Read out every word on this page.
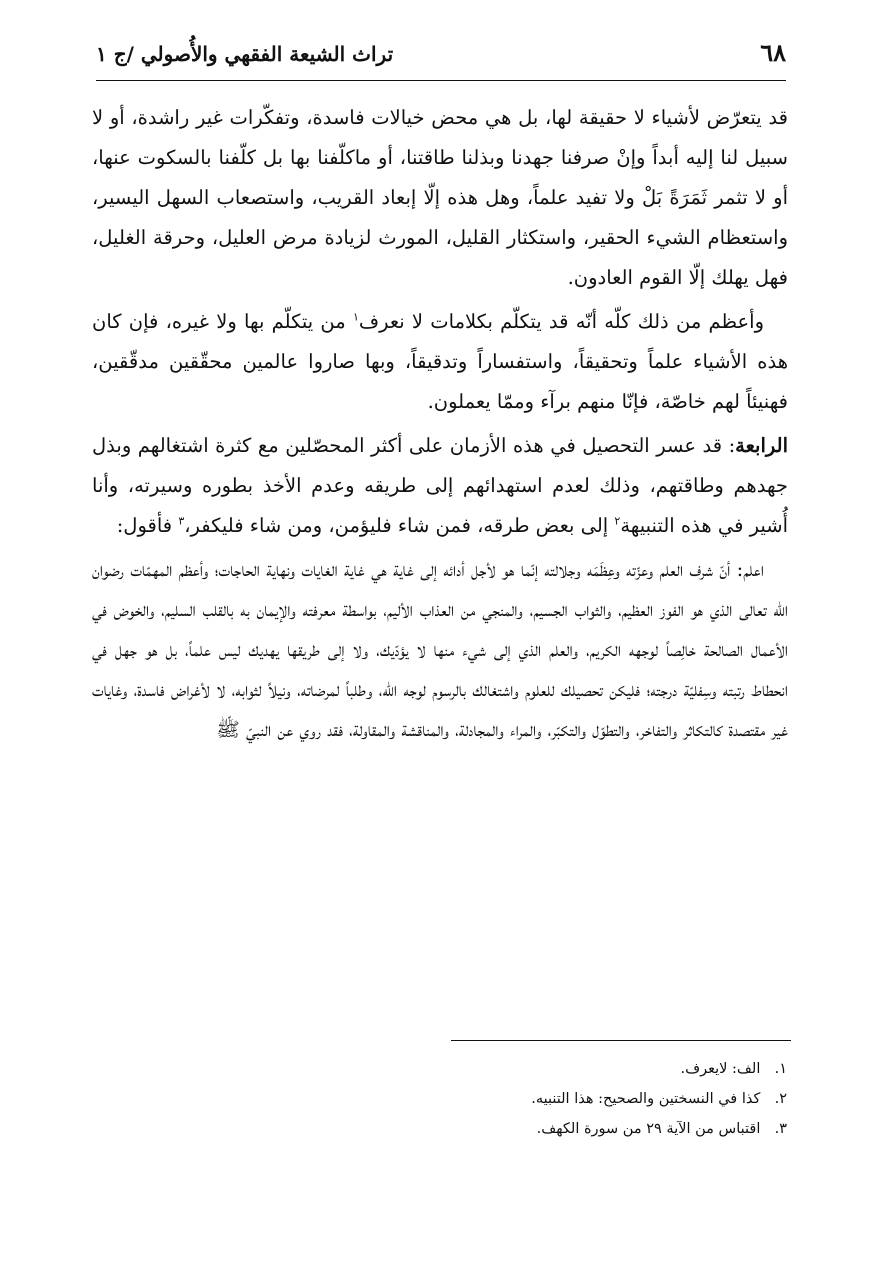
٦٨
تراث الشيعة الفقهي والأُصولي /ج ١

قد يتعرّض لأشياء لا حقيقة لها، بل هي محض خيالات فاسدة، وتفكّرات غير راشدة، أو لا سبيل لنا إليه أبداً وإنْ صرفنا جهدنا وبذلنا طاقتنا، أو ماكلّفنا بها بل كلّفنا بالسكوت عنها، أو لا تثمر ثَمَرَةً بَلْ ولا تفيد علماً، وهل هذه إلّا إبعاد القريب، واستصعاب السهل اليسير، واستعظام الشيء الحقير، واستكثار القليل، المورث لزيادة مرض العليل، وحرقة الغليل، فهل يهلك إلّا القوم العادون.

وأعظم من ذلك كلّه أنّه قد يتكلّم بكلامات لا نعرف$^١$ من يتكلّم بها ولا غيره، فإن كان هذه الأشياء علماً وتحقيقاً، واستفساراً وتدقيقاً، وبها صاروا عالمين محقّقين مدقّقين، فهنيئاً لهم خاصّة، فإنّا منهم برآء وممّا يعملون.

الرابعة: قد عسر التحصيل في هذه الأزمان على أكثر المحصّلين مع كثرة اشتغالهم وبذل جهدهم وطاقتهم، وذلك لعدم استهدائهم إلى طريقه وعدم الأخذ بطوره وسيرته، وأنا أُشير في هذه التنبيهة$^٢$ إلى بعض طرقه، فمن شاء فليؤمن، ومن شاء فليكفر،$^٣$ فأقول:

اعلم: أنّ شرف العلم وعزّته وعِظَمَه وجلالته إنّما هو لأجل أدائه إلى غاية هي غاية الغايات ونهاية الحاجات؛ وأعظم المهمّات رضوان الله تعالى الذي هو الفوز العظيم، والثواب الجسيم، والمنجي من العذاب الأليم، بواسطة معرفته والإيمان به بالقلب السليم، والخوض في الأعمال الصالحة خالِصاً لوجهه الكريم، والعلم الذي إلى شيء منها لا يؤدّيك، ولا إلى طريقها يهديك ليس علماً، بل هو جهل في انحطاط رتبته وسِفليّة درجته؛ فليكن تحصيلك للعلوم واشتغالك بالرسوم لوجه الله، وطلباً لمرضاته، ونيلاً لثوابه، لا لأغراض فاسدة، وغايات غير مقتصدة كالتكاثر والتفاخر، والتطوّل والتكبّر، والمراء والمجادلة، والمناقشة والمقاولة، فقد روي عن النبيّ ﷺ

١. الف: لايعرف.
٢. كذا في النسختين والصحيح: هذا التنبيه.
٣. اقتباس من الآية ٢٩ من سورة الكهف.
